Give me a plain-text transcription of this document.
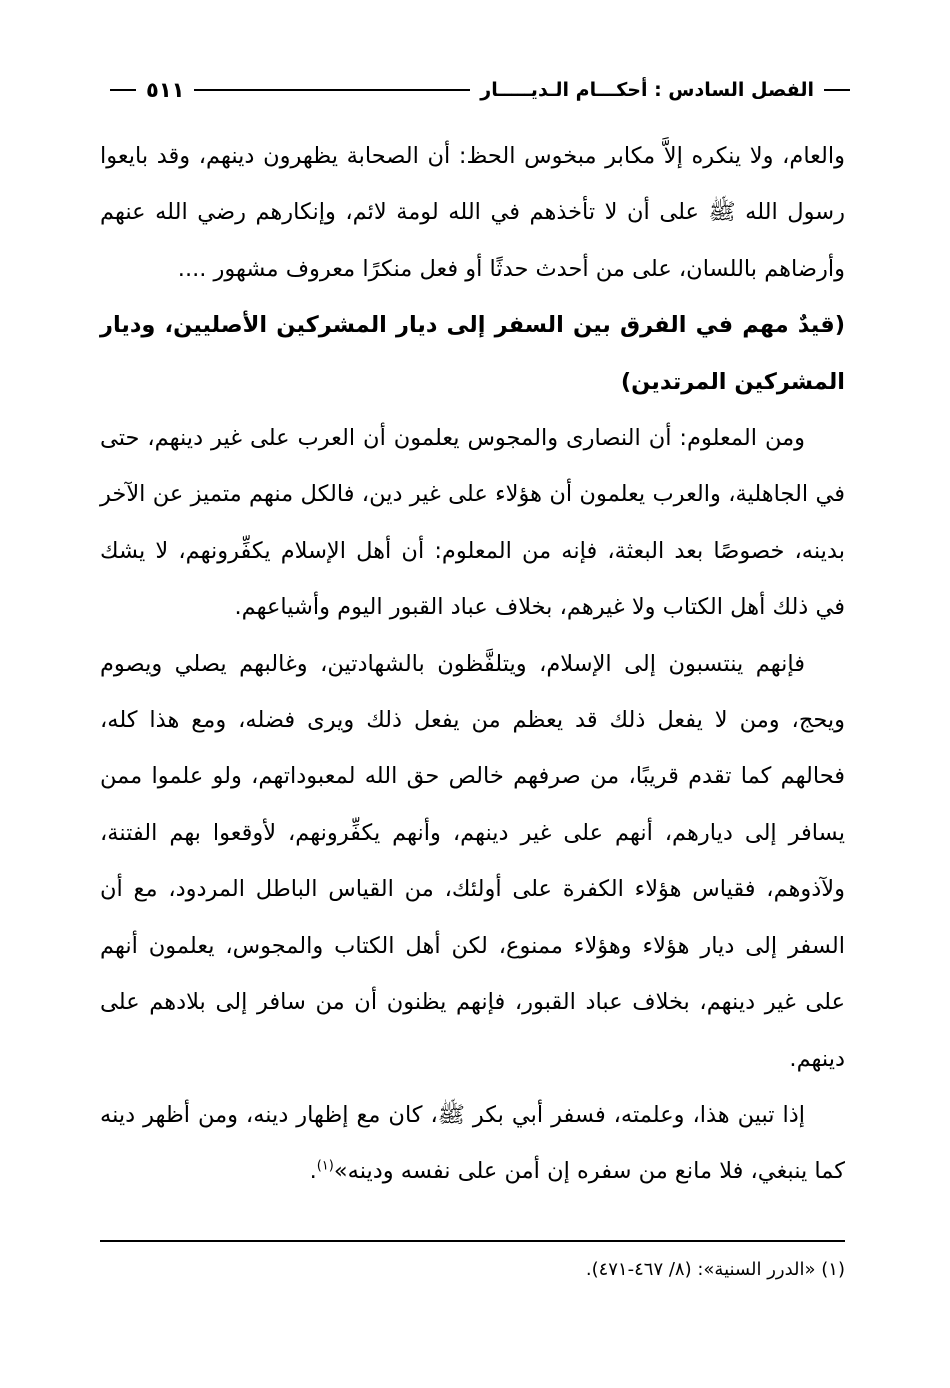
الفصل السادس : أحكـــام الـديـــــار
٥١١

والعام، ولا ينكره إلاَّ مكابر مبخوس الحظ: أن الصحابة يظهرون دينهم، وقد بايعوا رسول الله ﷺ على أن لا تأخذهم في الله لومة لائم، وإنكارهم رضي الله عنهم وأرضاهم باللسان، على من أحدث حدثًا أو فعل منكرًا معروف مشهور ....

(قيدٌ مهم في الفرق بين السفر إلى ديار المشركين الأصليين، وديار المشركين المرتدين)

ومن المعلوم: أن النصارى والمجوس يعلمون أن العرب على غير دينهم، حتى في الجاهلية، والعرب يعلمون أن هؤلاء على غير دين، فالكل منهم متميز عن الآخر بدينه، خصوصًا بعد البعثة، فإنه من المعلوم: أن أهل الإسلام يكفِّرونهم، لا يشك في ذلك أهل الكتاب ولا غيرهم، بخلاف عباد القبور اليوم وأشياعهم.

فإنهم ينتسبون إلى الإسلام، ويتلفَّظون بالشهادتين، وغالبهم يصلي ويصوم ويحج، ومن لا يفعل ذلك قد يعظم من يفعل ذلك ويرى فضله، ومع هذا كله، فحالهم كما تقدم قريبًا، من صرفهم خالص حق الله لمعبوداتهم، ولو علموا ممن يسافر إلى ديارهم، أنهم على غير دينهم، وأنهم يكفِّرونهم، لأوقعوا بهم الفتنة، ولآذوهم، فقياس هؤلاء الكفرة على أولئك، من القياس الباطل المردود، مع أن السفر إلى ديار هؤلاء وهؤلاء ممنوع، لكن أهل الكتاب والمجوس، يعلمون أنهم على غير دينهم، بخلاف عباد القبور، فإنهم يظنون أن من سافر إلى بلادهم على دينهم.

إذا تبين هذا، وعلمته، فسفر أبي بكر ﷺ، كان مع إظهار دينه، ومن أظهر دينه كما ينبغي، فلا مانع من سفره إن أمن على نفسه ودينه»$^{(١)}$.

(١) «الدرر السنية»: (٨/ ٤٦٧-٤٧١).
